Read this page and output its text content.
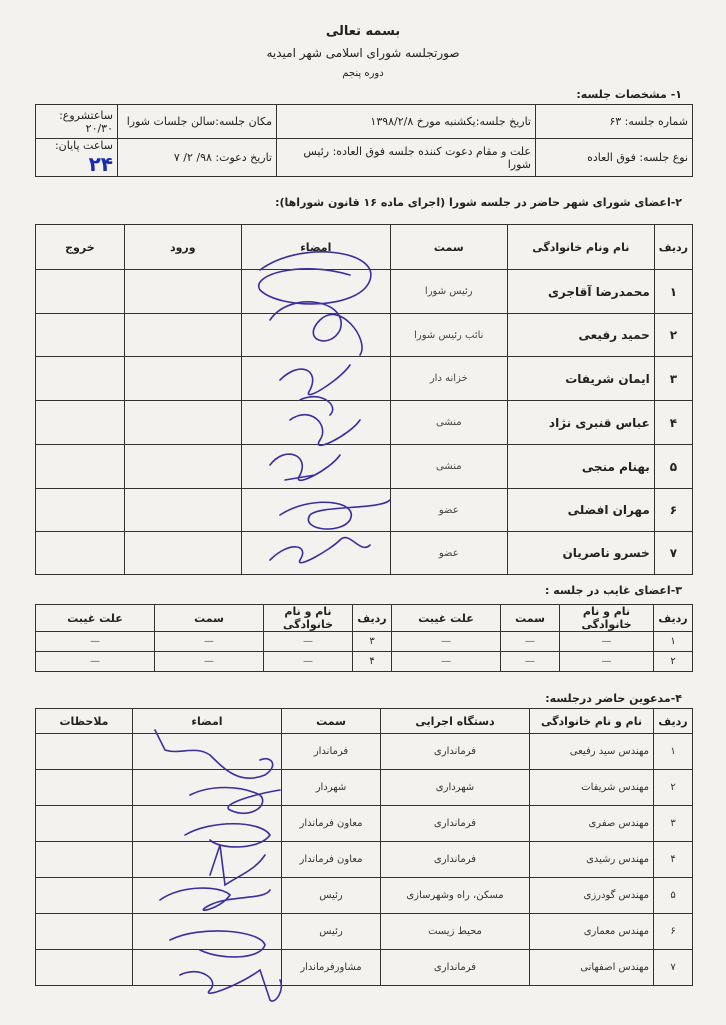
بسمه تعالی
صورتجلسه شورای اسلامی شهر امیدیه
دوره پنجم
۱- مشخصات جلسه:
شماره جلسه: ۶۳	تاریخ جلسه:یکشنبه مورخ ۱۳۹۸/۲/۸	مکان جلسه:سالن جلسات شورا	ساعتشروع: ۲۰/۳۰
نوع جلسه: فوق العاده	علت و مقام دعوت کننده جلسه فوق العاده: رئیس شورا	تاریخ دعوت: ۹۸/ ۲/ ۷	ساعت پایان: ۲۴
۲-اعضای شورای شهر حاضر در جلسه شورا (اجرای ماده ۱۶ قانون شوراها):
ردیف	نام ونام خانوادگی	سمت	امضاء	ورود	خروج
۱	محمدرضا آقاجری	رئیس شورا			
۲	حمید رفیعی	نائب رئیس شورا			
۳	ایمان شریفات	خزانه دار			
۴	عباس قنبری نژاد	منشی			
۵	بهنام منجی	منشی			
۶	مهران افضلی	عضو			
۷	خسرو ناصریان	عضو			
۳-اعضای غایب در جلسه :
ردیف	نام و نام خانوادگی	سمت	علت غیبت	ردیف	نام و نام خانوادگی	سمت	علت غیبت
۱	—	—	—	۳	—	—	—
۲	—	—	—	۴	—	—	—
۴-مدعوین حاضر درجلسه:
ردیف	نام و نام خانوادگی	دستگاه اجرایی	سمت	امضاء	ملاحظات
۱	مهندس سید رفیعی	فرمانداری	فرماندار		
۲	مهندس شریفات	شهرداری	شهردار		
۳	مهندس صفری	فرمانداری	معاون فرماندار		
۴	مهندس رشیدی	فرمانداری	معاون فرماندار		
۵	مهندس گودرزی	مسکن، راه وشهرسازی	رئیس		
۶	مهندس معماری	محیط زیست	رئیس		
۷	مهندس اصفهانی	فرمانداری	مشاورفرماندار		
